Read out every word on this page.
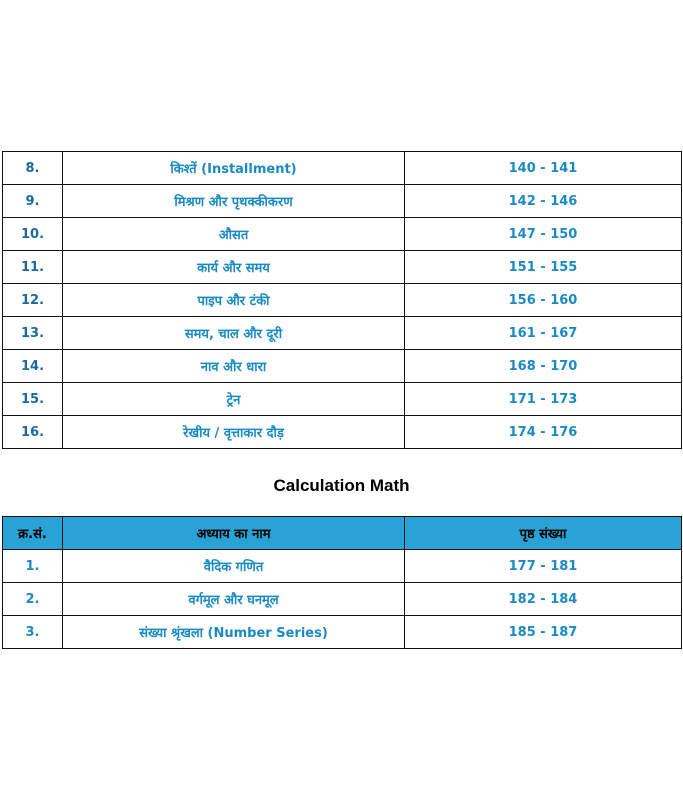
8.	किश्तें (Installment)	140 - 141
9.	मिश्रण और पृथक्कीकरण	142 - 146
10.	औसत	147 - 150
11.	कार्य और समय	151 - 155
12.	पाइप और टंकी	156 - 160
13.	समय, चाल और दूरी	161 - 167
14.	नाव और धारा	168 - 170
15.	ट्रेन	171 - 173
16.	रेखीय / वृत्ताकार दौड़	174 - 176
Calculation Math
क्र.सं.	अध्याय का नाम	पृष्ठ संख्या
1.	वैदिक गणित	177 - 181
2.	वर्गमूल और घनमूल	182 - 184
3.	संख्या श्रृंखला (Number Series)	185 - 187
